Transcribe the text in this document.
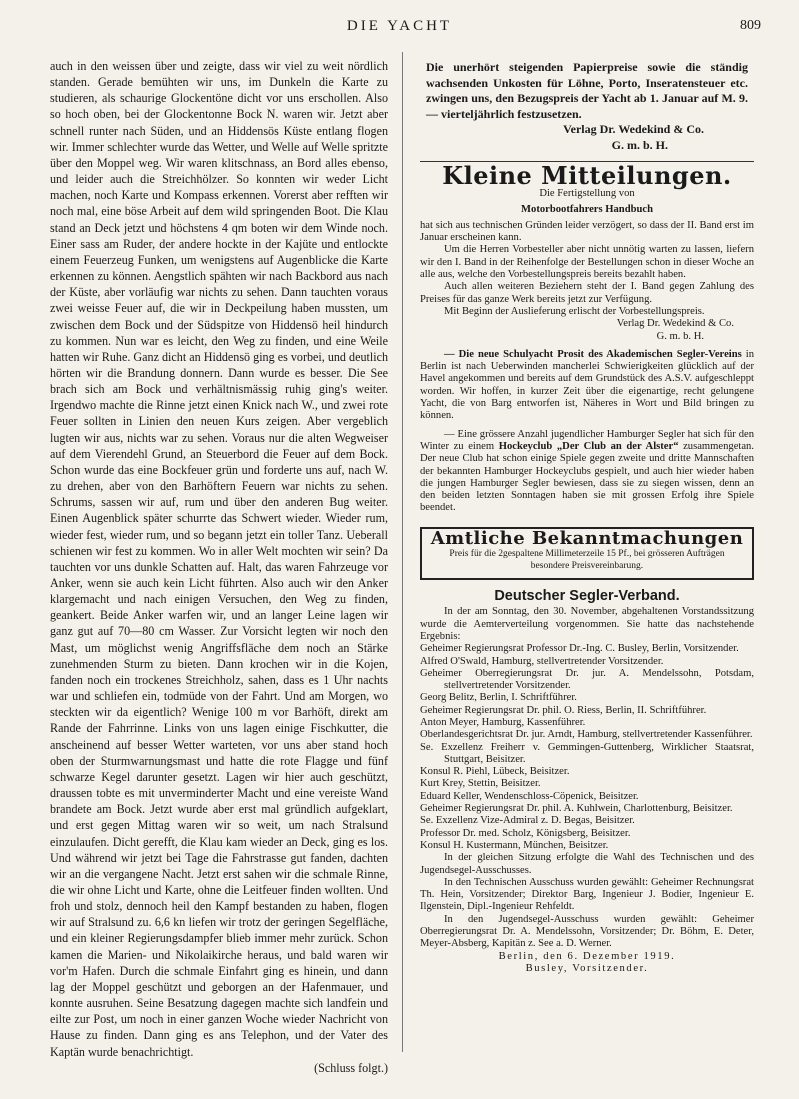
DIE YACHT	809

auch in den weissen über und zeigte, dass wir viel zu weit nördlich standen. Gerade bemühten wir uns, im Dunkeln die Karte zu studieren, als schaurige Glockentöne dicht vor uns erschollen. Also so hoch oben, bei der Glockentonne Bock N. waren wir. Jetzt aber schnell runter nach Süden, und an Hiddensös Küste entlang flogen wir. Immer schlechter wurde das Wetter, und Welle auf Welle spritzte über den Moppel weg. Wir waren klitschnass, an Bord alles ebenso, und leider auch die Streichhölzer. So konnten wir weder Licht machen, noch Karte und Kompass erkennen. Vorerst aber refften wir noch mal, eine böse Arbeit auf dem wild springenden Boot. Die Klau stand an Deck jetzt und höchstens 4 qm boten wir dem Winde noch. Einer sass am Ruder, der andere hockte in der Kajüte und entlockte einem Feuerzeug Funken, um wenigstens auf Augenblicke die Karte erkennen zu können. Aengstlich spähten wir nach Backbord aus nach der Küste, aber vorläufig war nichts zu sehen. Dann tauchten voraus zwei weisse Feuer auf, die wir in Deckpeilung haben mussten, um zwischen dem Bock und der Südspitze von Hiddensö heil hindurch zu kommen. Nun war es leicht, den Weg zu finden, und eine Weile hatten wir Ruhe. Ganz dicht an Hiddensö ging es vorbei, und deutlich hörten wir die Brandung donnern. Dann wurde es besser. Die See brach sich am Bock und verhältnismässig ruhig ging's weiter. Irgendwo machte die Rinne jetzt einen Knick nach W., und zwei rote Feuer sollten in Linien den neuen Kurs zeigen. Aber vergeblich lugten wir aus, nichts war zu sehen. Voraus nur die alten Wegweiser auf dem Vierendehl Grund, an Steuerbord die Feuer auf dem Bock. Schon wurde das eine Bockfeuer grün und forderte uns auf, nach W. zu drehen, aber von den Barhöftern Feuern war nichts zu sehen. Schrums, sassen wir auf, rum und über den anderen Bug weiter. Einen Augenblick später schurrte das Schwert wieder. Wieder rum, wieder fest, wieder rum, und so begann jetzt ein toller Tanz. Ueberall schienen wir fest zu kommen. Wo in aller Welt mochten wir sein? Da tauchten vor uns dunkle Schatten auf. Halt, das waren Fahrzeuge vor Anker, wenn sie auch kein Licht führten. Also auch wir den Anker klargemacht und nach einigen Versuchen, den Weg zu finden, geankert. Beide Anker warfen wir, und an langer Leine lagen wir ganz gut auf 70—80 cm Wasser. Zur Vorsicht legten wir noch den Mast, um möglichst wenig Angriffsfläche dem noch an Stärke zunehmenden Sturm zu bieten. Dann krochen wir in die Kojen, fanden noch ein trockenes Streichholz, sahen, dass es 1 Uhr nachts war und schliefen ein, todmüde von der Fahrt. Und am Morgen, wo steckten wir da eigentlich? Wenige 100 m vor Barhöft, direkt am Rande der Fahrrinne. Links von uns lagen einige Fischkutter, die anscheinend auf besser Wetter warteten, vor uns aber stand hoch oben der Sturmwarnungsmast und hatte die rote Flagge und fünf schwarze Kegel darunter gesetzt. Lagen wir hier auch geschützt, draussen tobte es mit unverminderter Macht und eine vereiste Wand brandete am Bock. Jetzt wurde aber erst mal gründlich aufgeklart, und erst gegen Mittag waren wir so weit, um nach Stralsund einzulaufen. Dicht gerefft, die Klau kam wieder an Deck, ging es los. Und während wir jetzt bei Tage die Fahrstrasse gut fanden, dachten wir an die vergangene Nacht. Jetzt erst sahen wir die schmale Rinne, die wir ohne Licht und Karte, ohne die Leitfeuer finden wollten. Und froh und stolz, dennoch heil den Kampf bestanden zu haben, flogen wir auf Stralsund zu. 6,6 kn liefen wir trotz der geringen Segelfläche, und ein kleiner Regierungsdampfer blieb immer mehr zurück. Schon kamen die Marien- und Nikolaikirche heraus, und bald waren wir vor'm Hafen. Durch die schmale Einfahrt ging es hinein, und dann lag der Moppel geschützt und geborgen an der Hafenmauer, und konnte ausruhen. Seine Besatzung dagegen machte sich landfein und eilte zur Post, um noch in einer ganzen Woche wieder Nachricht von Hause zu finden. Dann ging es ans Telephon, und der Vater des Kaptän wurde benachrichtigt.

(Schluss folgt.)

Die unerhört steigenden Papierpreise sowie die ständig wachsenden Unkosten für Löhne, Porto, Inseratensteuer etc. zwingen uns, den Bezugspreis der Yacht ab 1. Januar auf M. 9.— vierteljährlich festzusetzen.
Verlag Dr. Wedekind & Co.
G. m. b. H.
Kleine Mitteilungen.

Die Fertigstellung von

Motorbootfahrers Handbuch

hat sich aus technischen Gründen leider verzögert, so dass der II. Band erst im Januar erscheinen kann.

Um die Herren Vorbesteller aber nicht unnötig warten zu lassen, liefern wir den I. Band in der Reihenfolge der Bestellungen schon in dieser Woche an alle aus, welche den Vorbestellungspreis bereits bezahlt haben.

Auch allen weiteren Beziehern steht der I. Band gegen Zahlung des Preises für das ganze Werk bereits jetzt zur Verfügung.

Mit Beginn der Auslieferung erlischt der Vorbestellungspreis.

Verlag Dr. Wedekind & Co.

G. m. b. H.

— Die neue Schulyacht Prosit des Akademischen Segler-Vereins in Berlin ist nach Ueberwinden mancherlei Schwierigkeiten glücklich auf der Havel angekommen und bereits auf dem Grundstück des A.S.V. aufgeschleppt worden. Wir hoffen, in kurzer Zeit über die eigenartige, recht gelungene Yacht, die von Barg entworfen ist, Näheres in Wort und Bild bringen zu können.

— Eine grössere Anzahl jugendlicher Hamburger Segler hat sich für den Winter zu einem Hockeyclub „Der Club an der Alster“ zusammengetan. Der neue Club hat schon einige Spiele gegen zweite und dritte Mannschaften der bekannten Hamburger Hockeyclubs gespielt, und auch hier wieder haben die jungen Hamburger Segler bewiesen, dass sie zu siegen wissen, denn an den beiden letzten Sonntagen haben sie mit grossen Erfolg ihre Spiele beendet.

Amtliche Bekanntmachungen
Preis für die 2gespaltene Millimeterzeile 15 Pf., bei grösseren Aufträgen
besondere Preisvereinbarung.
Deutscher Segler-Verband.

In der am Sonntag, den 30. November, abgehaltenen Vorstandssitzung wurde die Aemterverteilung vorgenommen. Sie hatte das nachstehende Ergebnis:

Geheimer Regierungsrat Professor Dr.-Ing. C. Busley, Berlin, Vorsitzender.

Alfred O'Swald, Hamburg, stellvertretender Vorsitzender.

Geheimer Oberregierungsrat Dr. jur. A. Mendelssohn, Potsdam, stellvertretender Vorsitzender.

Georg Belitz, Berlin, I. Schriftführer.

Geheimer Regierungsrat Dr. phil. O. Riess, Berlin, II. Schriftführer.

Anton Meyer, Hamburg, Kassenführer.

Oberlandesgerichtsrat Dr. jur. Arndt, Hamburg, stellvertretender Kassenführer.

Se. Exzellenz Freiherr v. Gemmingen-Guttenberg, Wirklicher Staatsrat, Stuttgart, Beisitzer.

Konsul R. Piehl, Lübeck, Beisitzer.

Kurt Krey, Stettin, Beisitzer.

Eduard Keller, Wendenschloss-Cöpenick, Beisitzer.

Geheimer Regierungsrat Dr. phil. A. Kuhlwein, Charlottenburg, Beisitzer.

Se. Exzellenz Vize-Admiral z. D. Begas, Beisitzer.

Professor Dr. med. Scholz, Königsberg, Beisitzer.

Konsul H. Kustermann, München, Beisitzer.

In der gleichen Sitzung erfolgte die Wahl des Technischen und des Jugendsegel-Ausschusses.

In den Technischen Ausschuss wurden gewählt: Geheimer Rechnungsrat Th. Hein, Vorsitzender; Direktor Barg, Ingenieur J. Bodier, Ingenieur E. Ilgenstein, Dipl.-Ingenieur Rehfeldt.

In den Jugendsegel-Ausschuss wurden gewählt: Geheimer Oberregierungsrat Dr. A. Mendelssohn, Vorsitzender; Dr. Böhm, E. Deter, Meyer-Absberg, Kapitän z. See a. D. Werner.

Berlin, den 6. Dezember 1919.

Busley, Vorsitzender.
